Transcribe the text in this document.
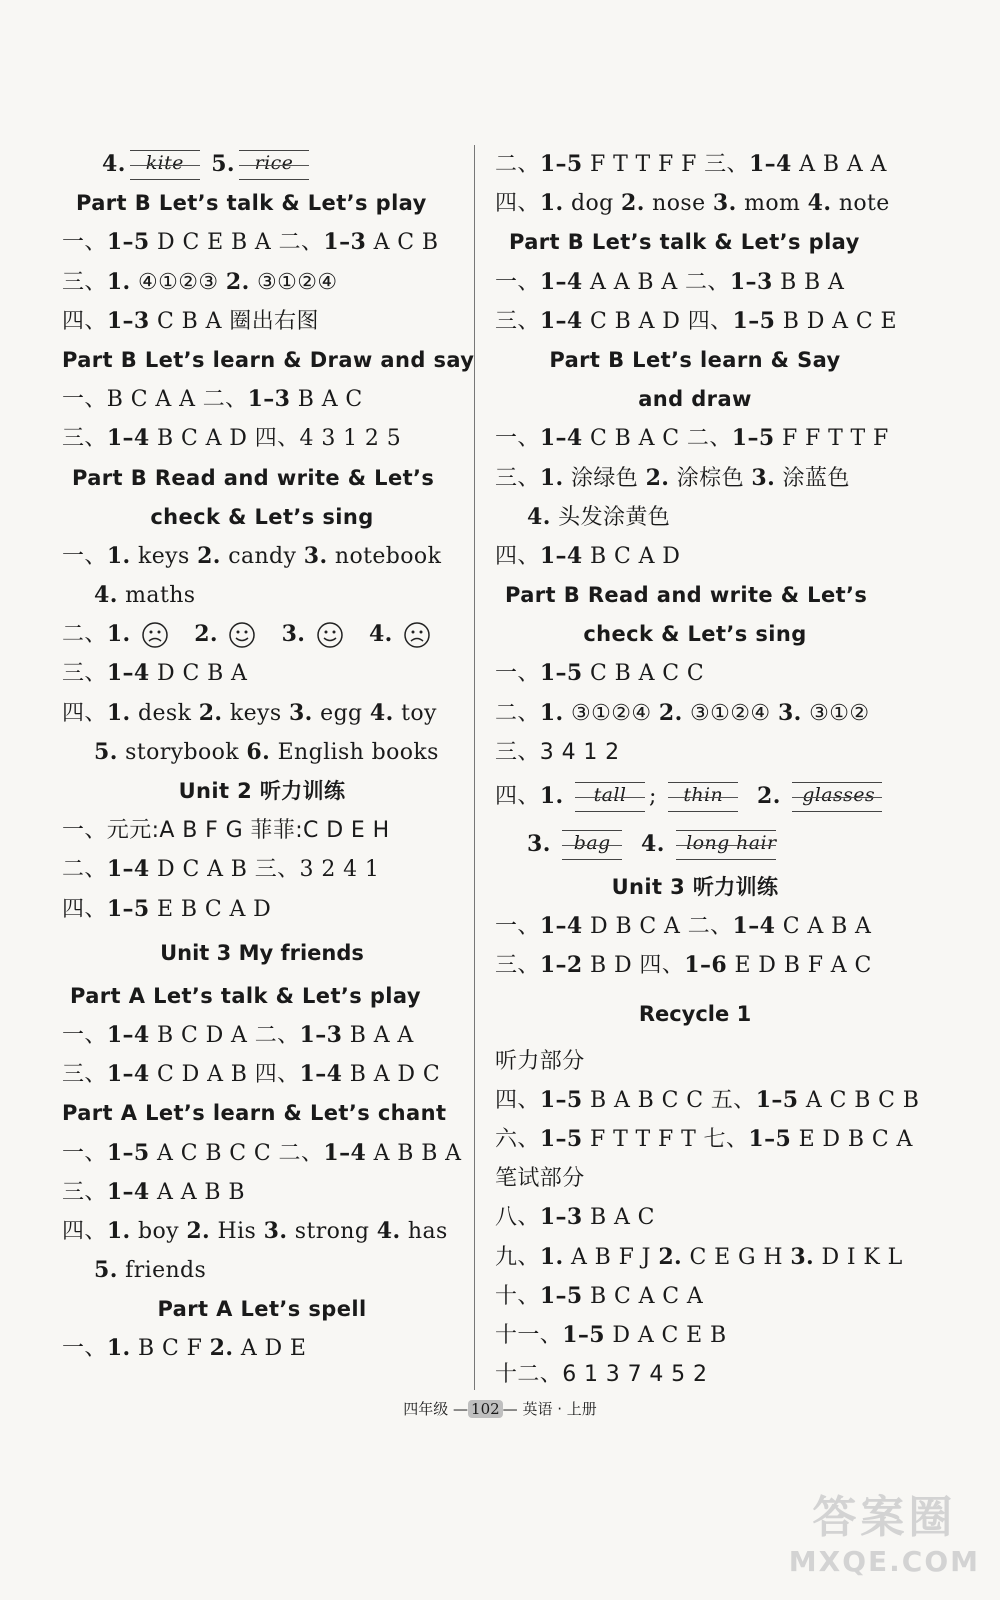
4. kite 5. rice
Part B Let’s talk & Let’s play
一、1–5 D C E B A 二、1–3 A C B
三、1. ④①②③ 2. ③①②④
四、1–3 C B A 圈出右图
Part B Let’s learn & Draw and say
一、B C A A 二、1–3 B A C
三、1–4 B C A D 四、4 3 1 2 5
Part B Read and write & Let’s
check & Let’s sing
一、1. keys 2. candy 3. notebook
4. maths
二、1.	2.	3.	4.
三、1–4 D C B A
四、1. desk 2. keys 3. egg 4. toy
5. storybook 6. English books
Unit 2 听力训练
一、元元:A B F G 菲菲:C D E H
二、1–4 D C A B 三、3 2 4 1
四、1–5 E B C A D
Unit 3 My friends
Part A Let’s talk & Let’s play
一、1–4 B C D A 二、1–3 B A A
三、1–4 C D A B 四、1–4 B A D C
Part A Let’s learn & Let’s chant
一、1–5 A C B C C 二、1–4 A B B A
三、1–4 A A B B
四、1. boy 2. His 3. strong 4. has
5. friends
Part A Let’s spell
一、1. B C F 2. A D E
二、1–5 F T T F F 三、1–4 A B A A
四、1. dog 2. nose 3. mom 4. note
Part B Let’s talk & Let’s play
一、1–4 A A B A 二、1–3 B B A
三、1–4 C B A D 四、1–5 B D A C E
Part B Let’s learn & Say
and draw
一、1–4 C B A C 二、1–5 F F T T F
三、1. 涂绿色 2. 涂棕色 3. 涂蓝色
4. 头发涂黄色
四、1–4 B C A D
Part B Read and write & Let’s
check & Let’s sing
一、1–5 C B A C C
二、1. ③①②④ 2. ③①②④ 3. ③①②
三、3 4 1 2
四、1. tall ; thin 2. glasses
3. bag 4. long hair
Unit 3 听力训练
一、1–4 D B C A 二、1–4 C A B A
三、1–2 B D 四、1–6 E D B F A C
Recycle 1
听力部分
四、1–5 B A B C C 五、1–5 A C B C B
六、1–5 F T T F T 七、1–5 E D B C A
笔试部分
八、1–3 B A C
九、1. A B F J 2. C E G H 3. D I K L
十、1–5 B C A C A
十一、1–5 D A C E B
十二、6 1 3 7 4 5 2
四年级 — 102 — 英语 · 上册
答案圈
MXQE.COM
